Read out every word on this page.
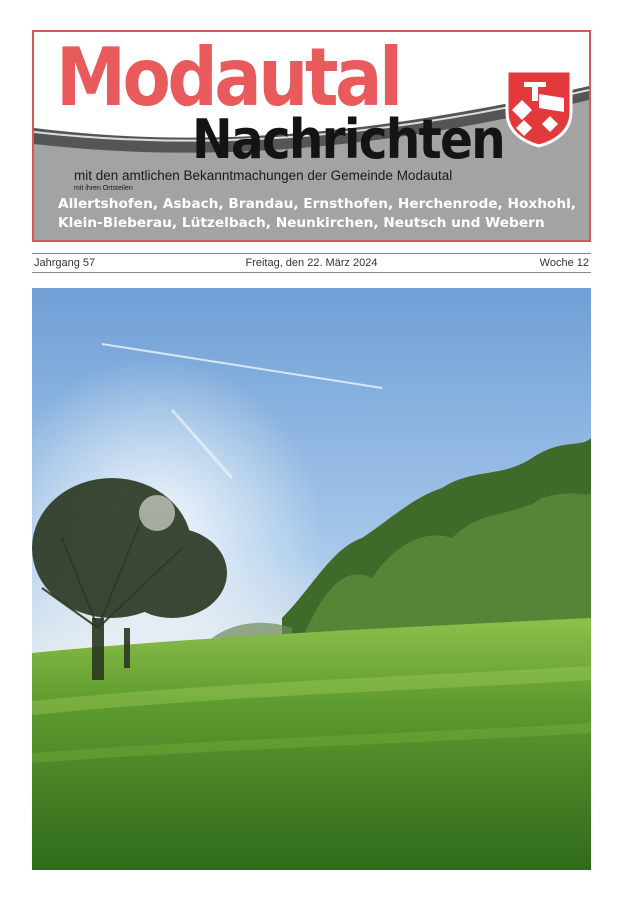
Modautal
Nachrichten
mit den amtlichen Bekanntmachungen der Gemeinde Modautal
mit ihren Ortsteilen

Allertshofen, Asbach, Brandau, Ernsthofen, Herchenrode, Hoxhohl, Klein-Bieberau, Lützelbach, Neunkirchen, Neutsch und Webern

Jahrgang 57	Freitag, den 22. März 2024	Woche 12
